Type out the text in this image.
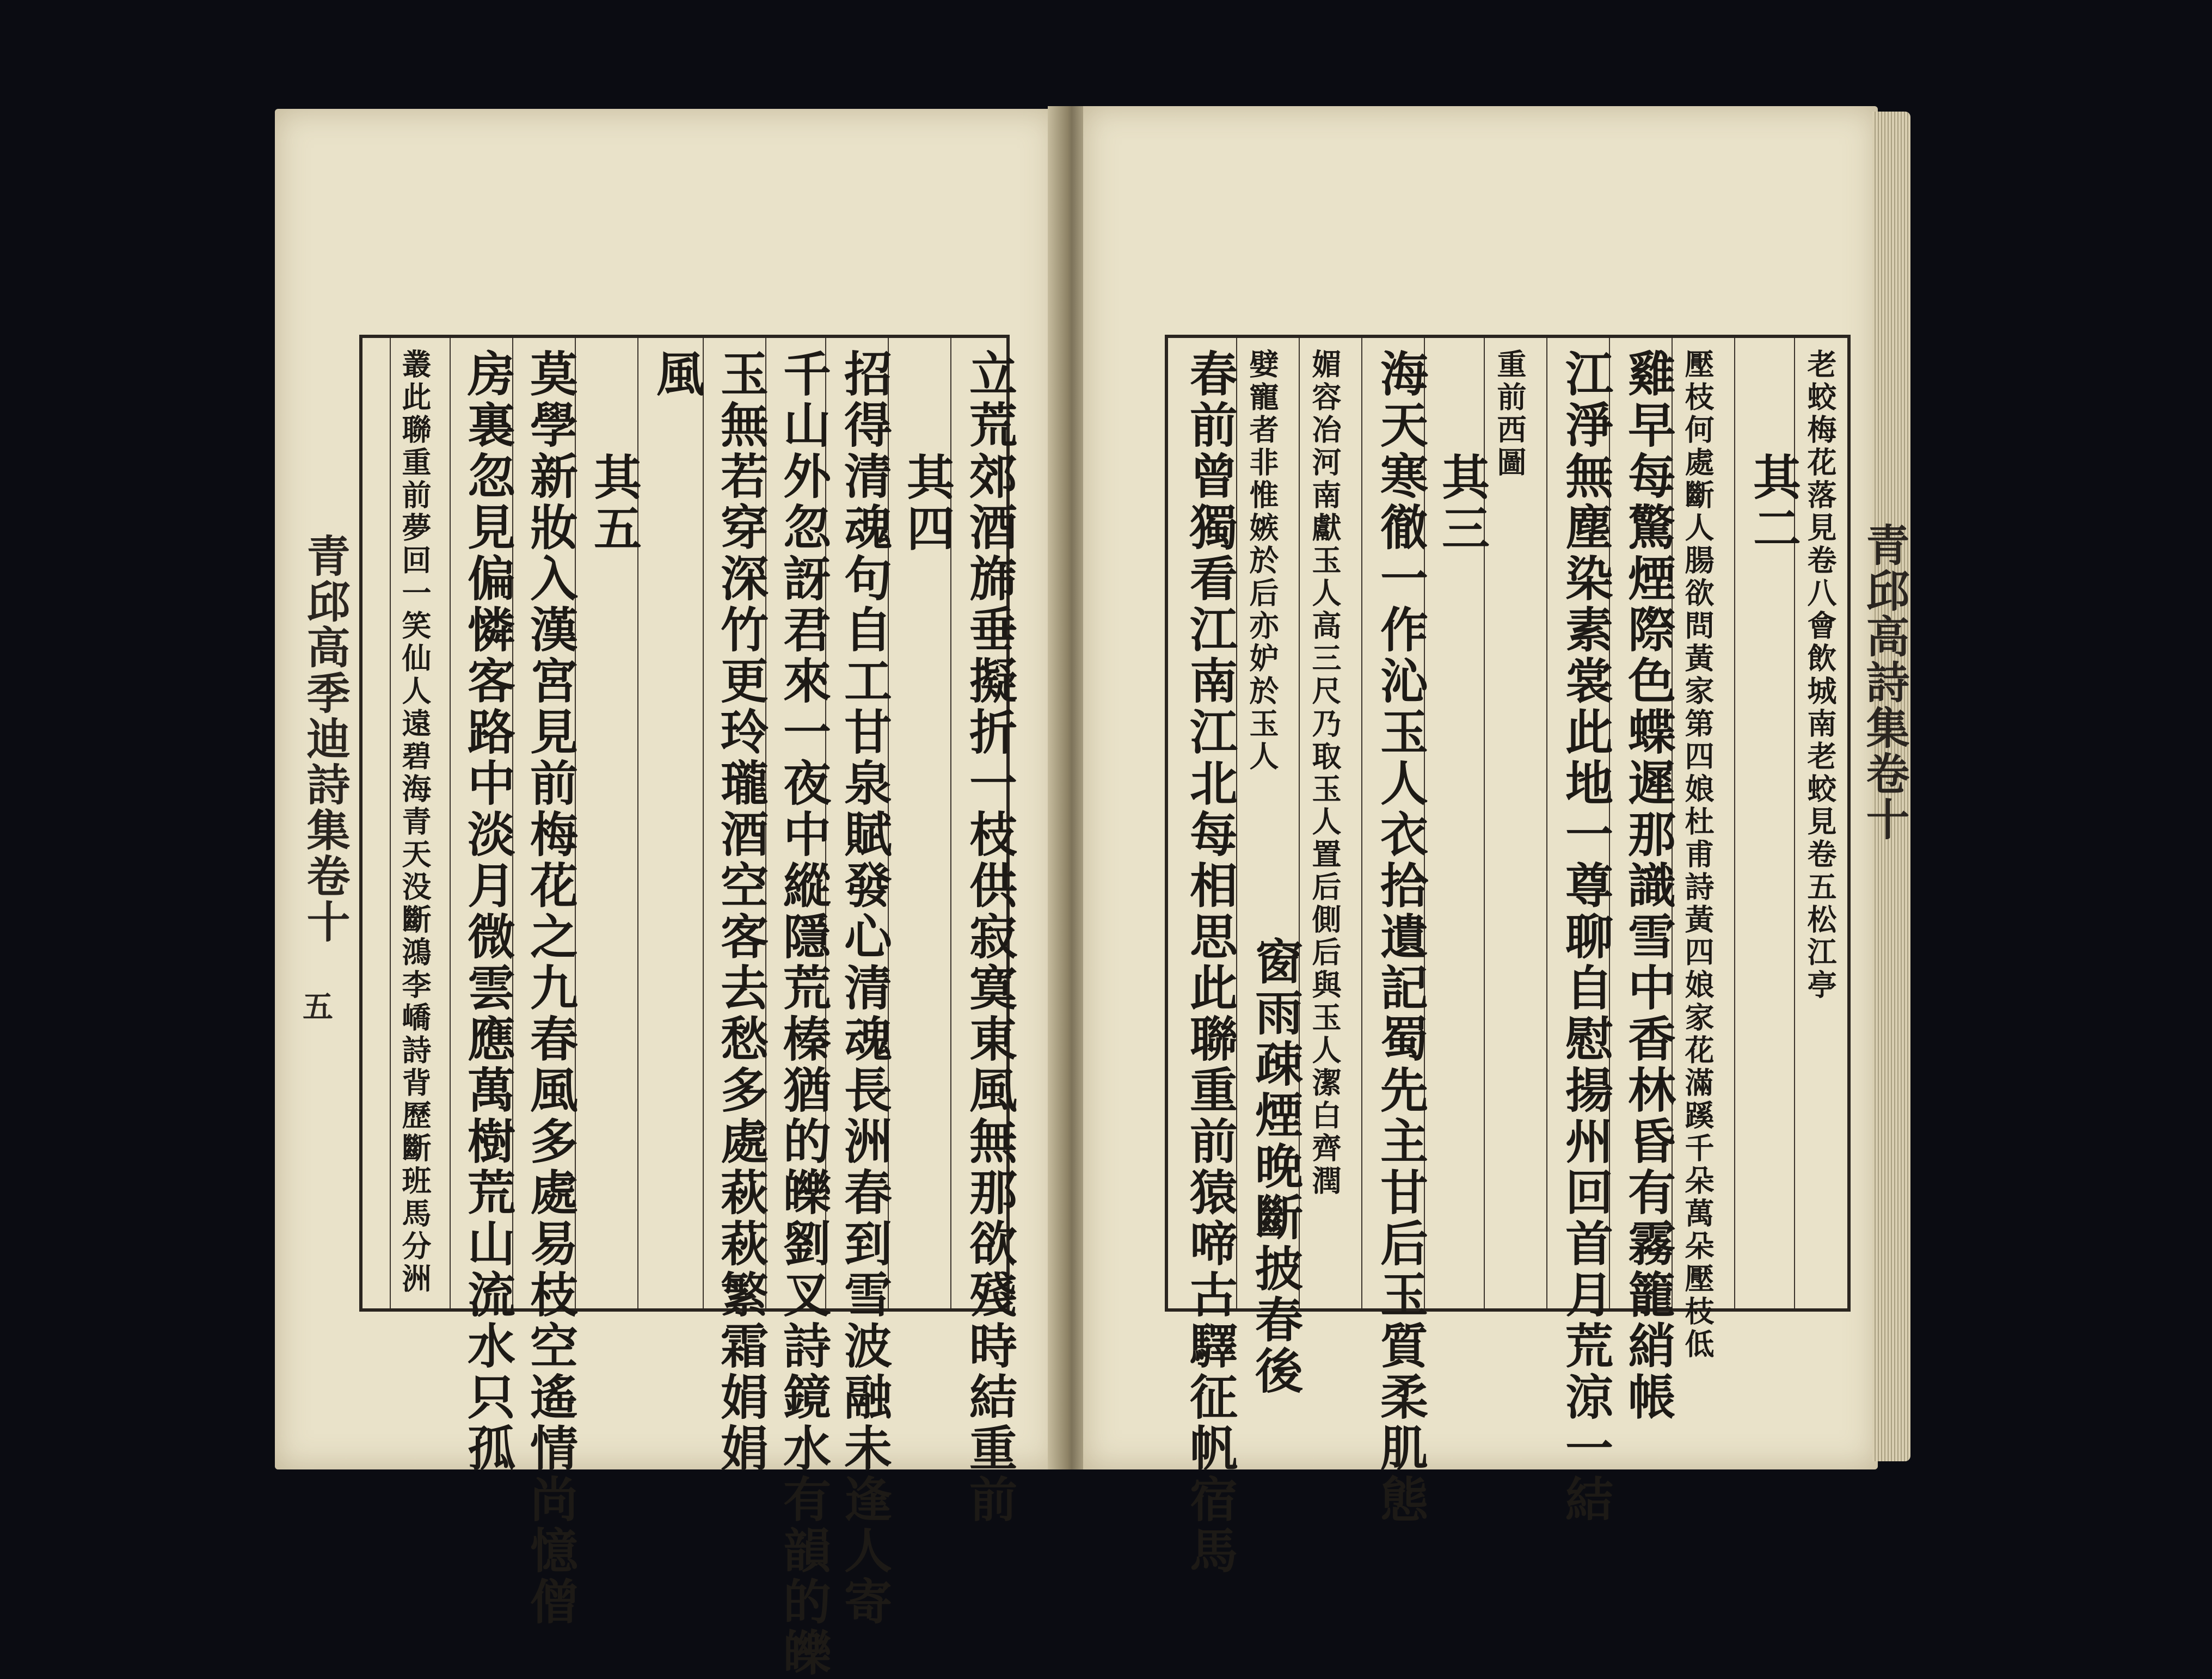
青邱高季迪詩集卷十
五
青邱高詩集卷十
立荒郊酒旆垂擬折一枝供寂寞東風無那欲殘時結重前
其四
招得清魂句自工甘泉賦發心清魂長洲春到雪波融未逢人寄
千山外忽訝君來一夜中縱隱荒榛猶的皪劉叉詩鏡水有韻的皪
玉無若穿深竹更玲瓏酒空客去愁多處萩萩繁霜娟娟
風
其五
莫學新妝入漢宮見前梅花之九春風多處易枝空遙情尚憶僧
房裏忽見偏憐客路中淡月微雲應萬樹荒山流水只孤
叢此聯重前夢回一笑仙人遠碧海青天没斷鴻李嶠詩背歷斷班馬分洲	老蛟梅花落見卷八會飲城南老蛟見卷五松江亭
其二
壓枝何處斷人腸欲問黃家第四娘杜甫詩黃四娘家花滿蹊千朵萬朵壓枝低
雞早每驚煙際色蝶遲那識雪中香林昏有霧籠綃帳
江淨無塵染素裳此地一尊聊自慰揚州回首月荒涼一結
重前西圖
其三
海天寒徹一作沁玉人衣拾遺記蜀先主甘后玉質柔肌態
媚容冶河南獻玉人高三尺乃取玉人置后側后與玉人潔白齊潤
嬖寵者非惟嫉於后亦妒於玉人
窗雨疎煙晚斷披春後
春前曾獨看江南江北每相思此聯重前猿啼古驛征帆宿馬
